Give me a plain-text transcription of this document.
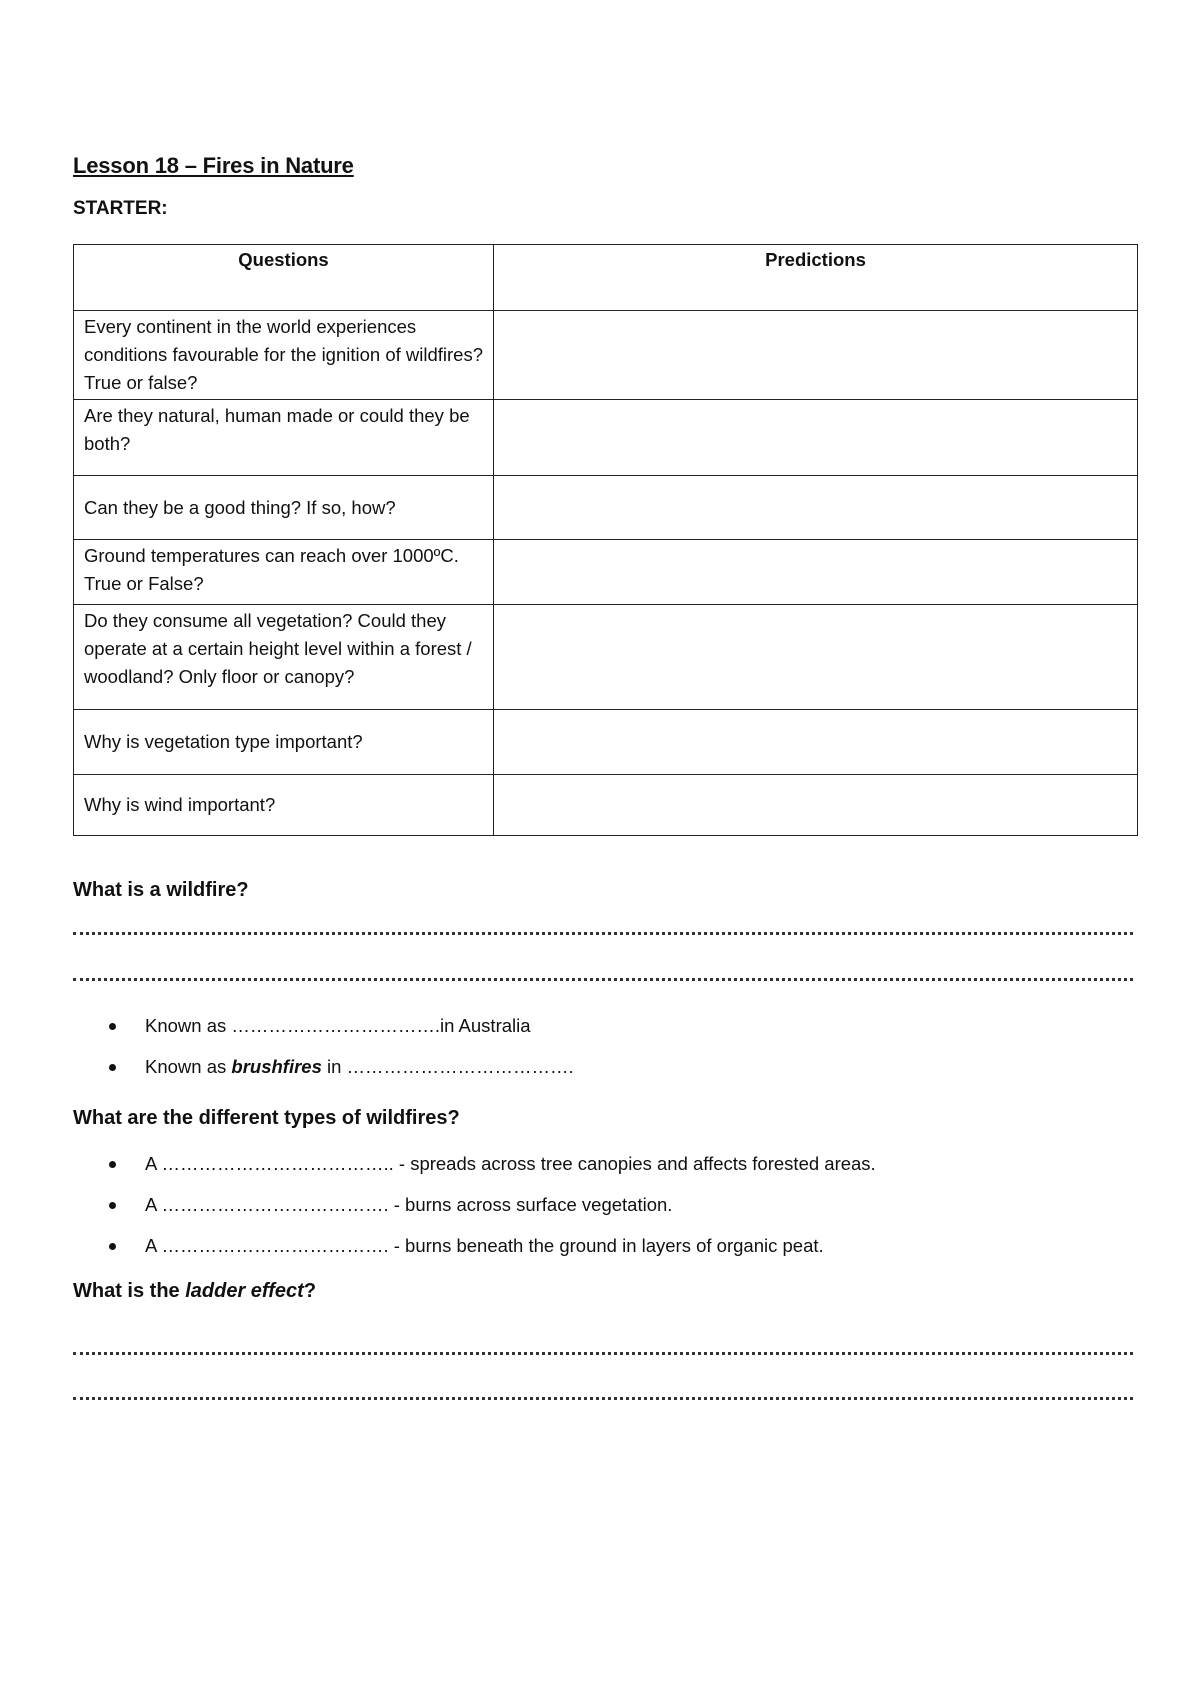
Lesson 18 – Fires in Nature

STARTER:

Questions	Predictions
Every continent in the world experiences conditions favourable for the ignition of wildfires? True or false?	
Are they natural, human made or could they be both?	
Can they be a good thing? If so, how?	
Ground temperatures can reach over 1000ºC. True or False?	
Do they consume all vegetation? Could they operate at a certain height level within a forest / woodland? Only floor or canopy?	
Why is vegetation type important?	
Why is wind important?	
What is a wildfire?
Known as …………………………….in Australia
Known as brushfires in ……………………………….
What are the different types of wildfires?
A ……………………………….. - spreads across tree canopies and affects forested areas.
A ………………………………. - burns across surface vegetation.
A ………………………………. - burns beneath the ground in layers of organic peat.
What is the ladder effect?
